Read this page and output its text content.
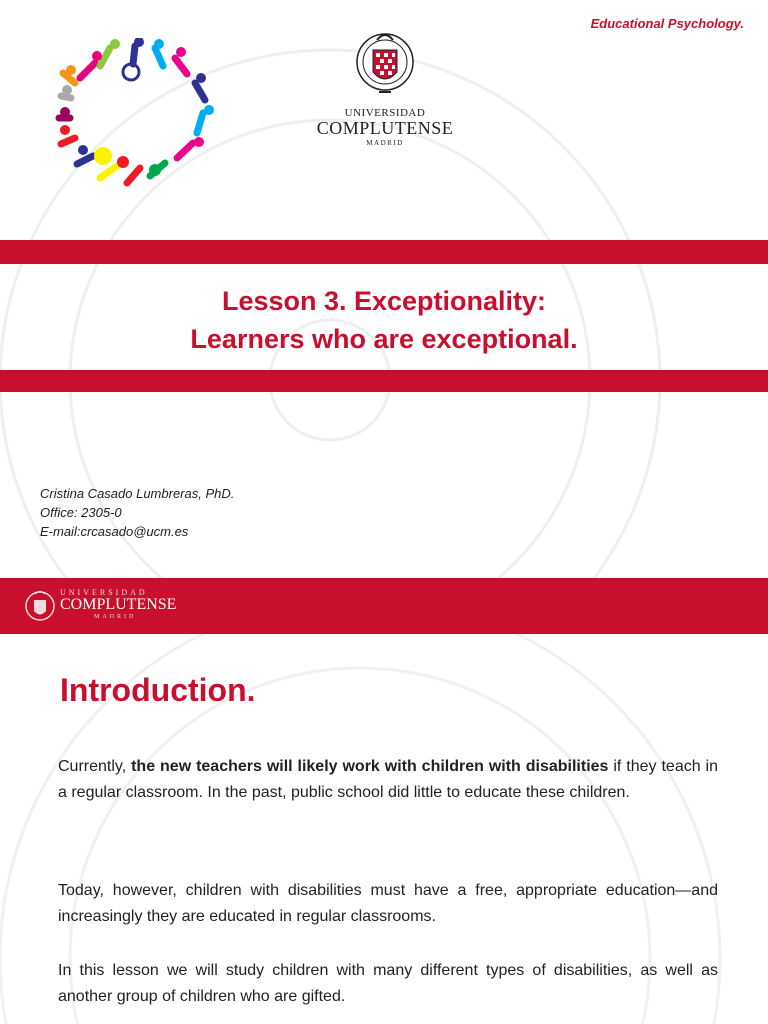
Educational Psychology.
UNIVERSIDAD
COMPLUTENSE
MADRID
Lesson 3. Exceptionality:
Learners who are exceptional.
Cristina Casado Lumbreras, PhD.
Office: 2305-0
E-mail:crcasado@ucm.es
UNIVERSIDAD
COMPLUTENSE
MADRID
Introduction.
Currently, the new teachers will likely work with children with disabilities if they teach in a regular classroom. In the past, public school did little to educate these children.
Today, however, children with disabilities must have a free, appropriate education—and increasingly they are educated in regular classrooms.
In this lesson we will study children with many different types of disabilities, as well as another group of children who are gifted.
